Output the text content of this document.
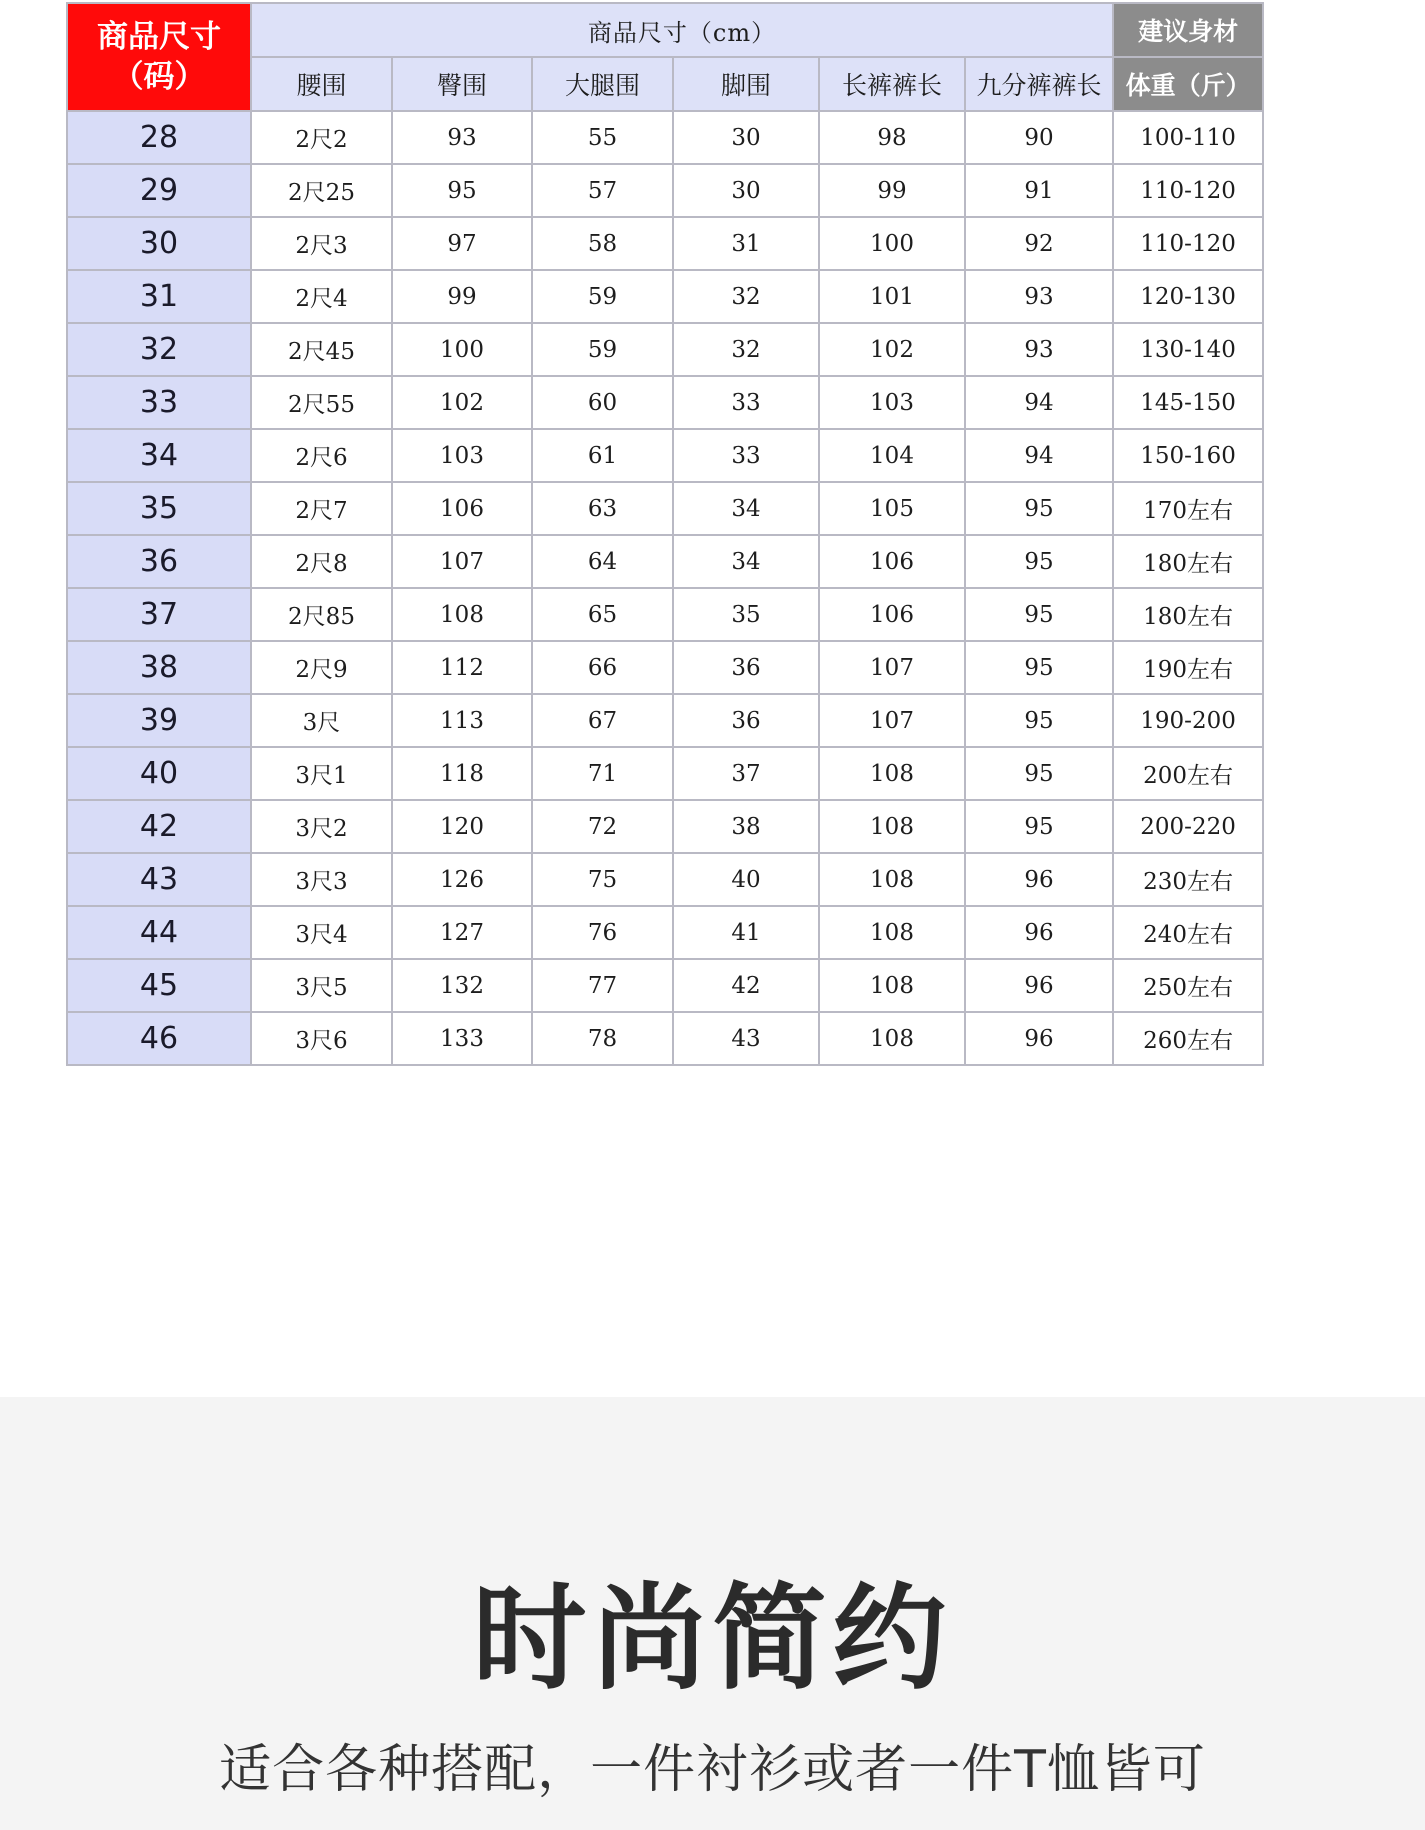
商品尺寸
（码）	商品尺寸（cm）						建议身材
	腰围	臀围	大腿围	脚围	长裤裤长	九分裤裤长	体重（斤）
28	2尺2	93	55	30	98	90	100-110
29	2尺25	95	57	30	99	91	110-120
30	2尺3	97	58	31	100	92	110-120
31	2尺4	99	59	32	101	93	120-130
32	2尺45	100	59	32	102	93	130-140
33	2尺55	102	60	33	103	94	145-150
34	2尺6	103	61	33	104	94	150-160
35	2尺7	106	63	34	105	95	170左右
36	2尺8	107	64	34	106	95	180左右
37	2尺85	108	65	35	106	95	180左右
38	2尺9	112	66	36	107	95	190左右
39	3尺	113	67	36	107	95	190-200
40	3尺1	118	71	37	108	95	200左右
42	3尺2	120	72	38	108	95	200-220
43	3尺3	126	75	40	108	96	230左右
44	3尺4	127	76	41	108	96	240左右
45	3尺5	132	77	42	108	96	250左右
46	3尺6	133	78	43	108	96	260左右
时尚简约
适合各种搭配，一件衬衫或者一件T恤皆可
